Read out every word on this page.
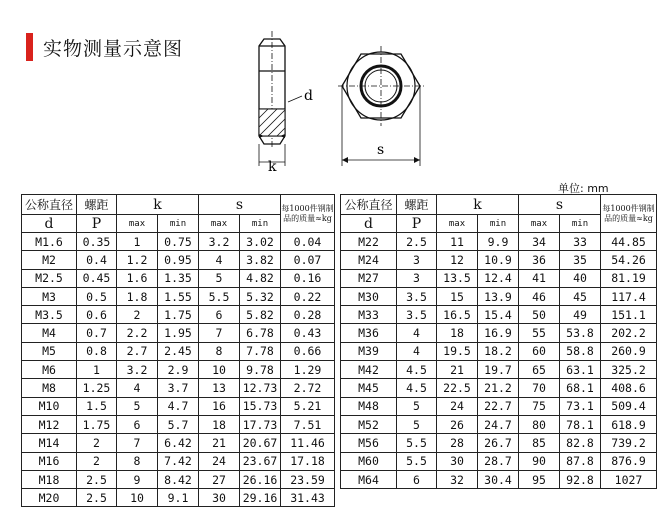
实物测量示意图
d
k
s
单位: mm
公称直径	螺距	k		s		每1000件钢制品的质量≈kg
d	P	max	min	max	min	
M1.6	0.35	1	0.75	3.2	3.02	0.04
M2	0.4	1.2	0.95	4	3.82	0.07
M2.5	0.45	1.6	1.35	5	4.82	0.16
M3	0.5	1.8	1.55	5.5	5.32	0.22
M3.5	0.6	2	1.75	6	5.82	0.28
M4	0.7	2.2	1.95	7	6.78	0.43
M5	0.8	2.7	2.45	8	7.78	0.66
M6	1	3.2	2.9	10	9.78	1.29
M8	1.25	4	3.7	13	12.73	2.72
M10	1.5	5	4.7	16	15.73	5.21
M12	1.75	6	5.7	18	17.73	7.51
M14	2	7	6.42	21	20.67	11.46
M16	2	8	7.42	24	23.67	17.18
M18	2.5	9	8.42	27	26.16	23.59
M20	2.5	10	9.1	30	29.16	31.43
公称直径	螺距	k		s		每1000件钢制品的质量≈kg
d	P	max	min	max	min	
M22	2.5	11	9.9	34	33	44.85
M24	3	12	10.9	36	35	54.26
M27	3	13.5	12.4	41	40	81.19
M30	3.5	15	13.9	46	45	117.4
M33	3.5	16.5	15.4	50	49	151.1
M36	4	18	16.9	55	53.8	202.2
M39	4	19.5	18.2	60	58.8	260.9
M42	4.5	21	19.7	65	63.1	325.2
M45	4.5	22.5	21.2	70	68.1	408.6
M48	5	24	22.7	75	73.1	509.4
M52	5	26	24.7	80	78.1	618.9
M56	5.5	28	26.7	85	82.8	739.2
M60	5.5	30	28.7	90	87.8	876.9
M64	6	32	30.4	95	92.8	1027
